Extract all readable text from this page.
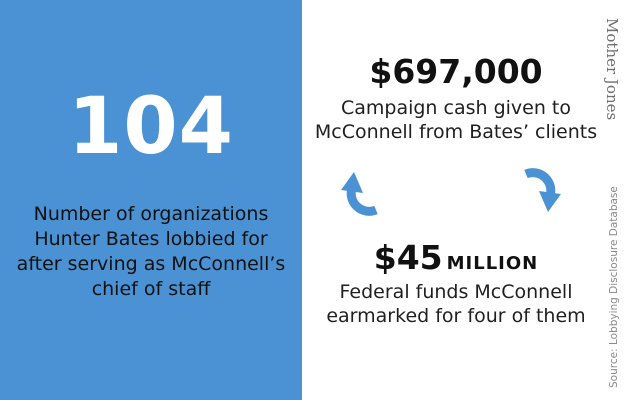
104
Number of organizations
Hunter Bates lobbied for
after serving as McConnell’s
chief of staff
$697,000
Campaign cash given to
McConnell from Bates’ clients
$45 million
Federal funds McConnell
earmarked for four of them
Mother Jones
Source: Lobbying Disclosure Database
